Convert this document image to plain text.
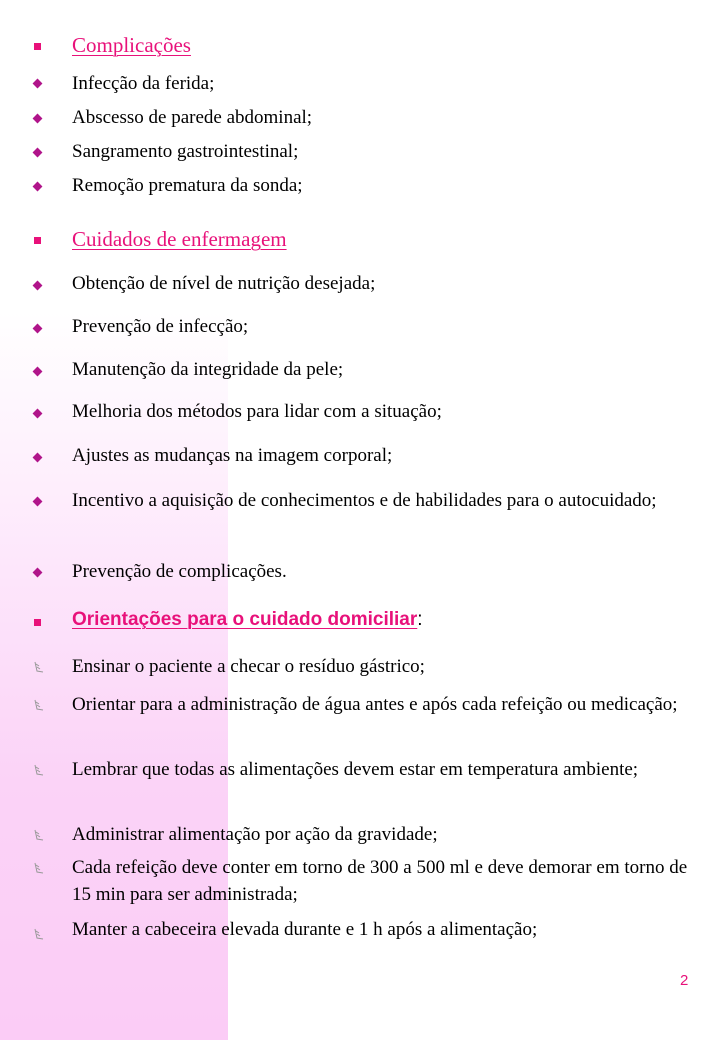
Complicações
Infecção da ferida;
Abscesso de parede abdominal;
Sangramento gastrointestinal;
Remoção prematura da sonda;
Cuidados de enfermagem
Obtenção de nível de nutrição desejada;
Prevenção de infecção;
Manutenção da integridade da pele;
Melhoria dos métodos para lidar com a situação;
Ajustes as mudanças na imagem corporal;
Incentivo a aquisição de conhecimentos e de habilidades para o autocuidado;
Prevenção de complicações.
Orientações para o cuidado domiciliar:
Ensinar o paciente a checar o resíduo gástrico;
Orientar para a administração de água antes e após cada refeição ou medicação;
Lembrar que todas as alimentações devem estar em temperatura ambiente;
Administrar alimentação por ação da gravidade;
Cada refeição deve conter em torno de 300 a 500 ml e deve demorar em torno de 15 min para ser administrada;
Manter a cabeceira elevada durante e 1 h após a alimentação;
2
